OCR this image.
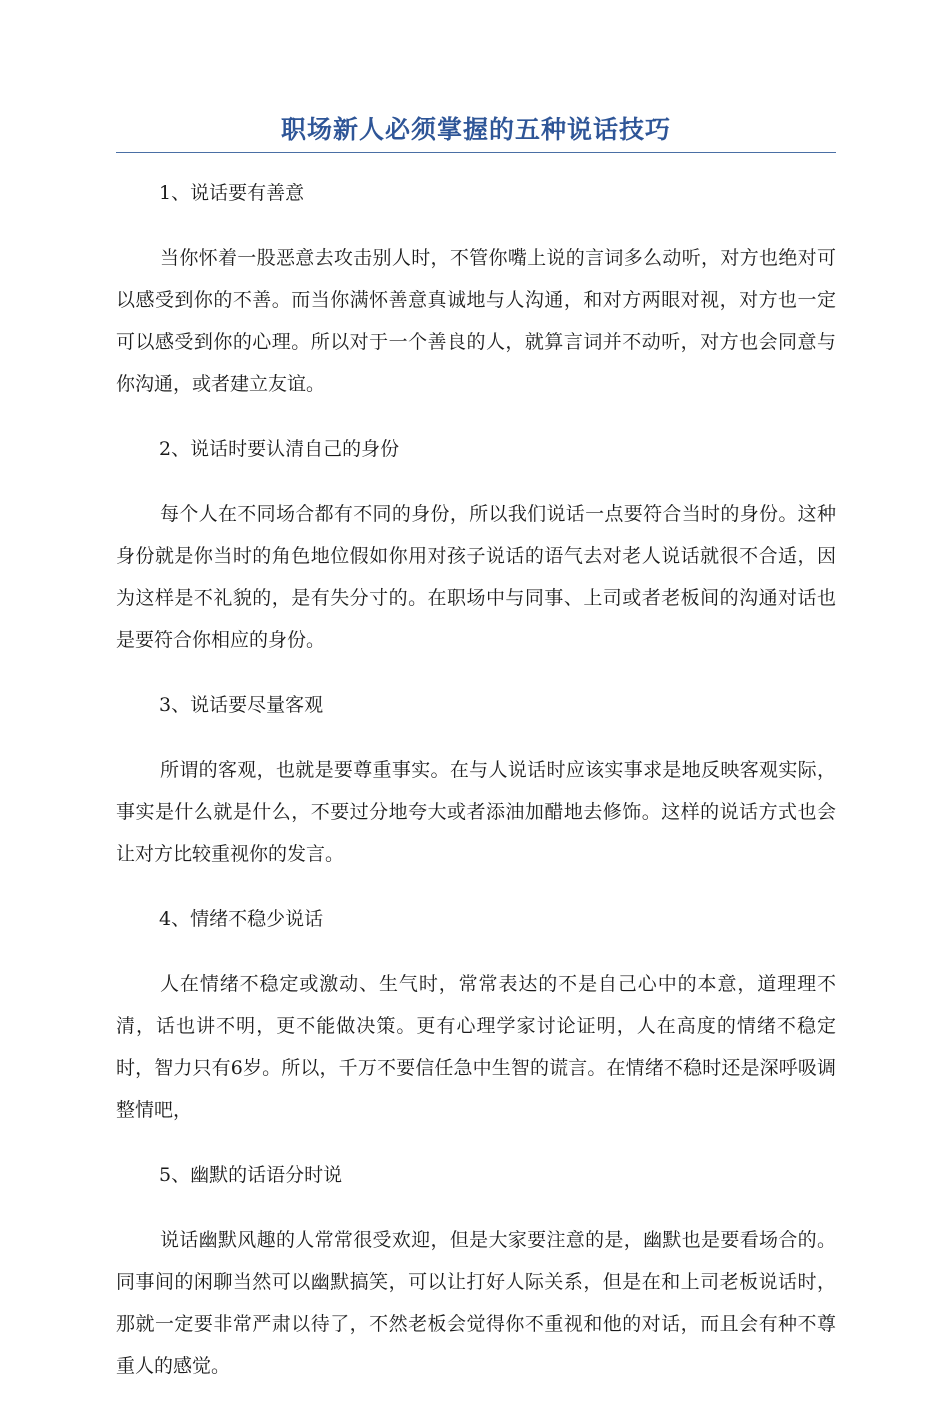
职场新人必须掌握的五种说话技巧
1、说话要有善意

当你怀着一股恶意去攻击别人时，不管你嘴上说的言词多么动听，对方也绝对可以感受到你的不善。而当你满怀善意真诚地与人沟通，和对方两眼对视，对方也一定可以感受到你的心理。所以对于一个善良的人，就算言词并不动听，对方也会同意与你沟通，或者建立友谊。

2、说话时要认清自己的身份

每个人在不同场合都有不同的身份，所以我们说话一点要符合当时的身份。这种身份就是你当时的角色地位假如你用对孩子说话的语气去对老人说话就很不合适，因为这样是不礼貌的，是有失分寸的。在职场中与同事、上司或者老板间的沟通对话也是要符合你相应的身份。

3、说话要尽量客观

所谓的客观，也就是要尊重事实。在与人说话时应该实事求是地反映客观实际，事实是什么就是什么，不要过分地夸大或者添油加醋地去修饰。这样的说话方式也会让对方比较重视你的发言。

4、情绪不稳少说话

人在情绪不稳定或激动、生气时，常常表达的不是自己心中的本意，道理理不清，话也讲不明，更不能做决策。更有心理学家讨论证明，人在高度的情绪不稳定时，智力只有6岁。所以，千万不要信任急中生智的谎言。在情绪不稳时还是深呼吸调整情吧，

5、幽默的话语分时说

说话幽默风趣的人常常很受欢迎，但是大家要注意的是，幽默也是要看场合的。同事间的闲聊当然可以幽默搞笑，可以让打好人际关系，但是在和上司老板说话时，那就一定要非常严肃以待了，不然老板会觉得你不重视和他的对话，而且会有种不尊重人的感觉。
